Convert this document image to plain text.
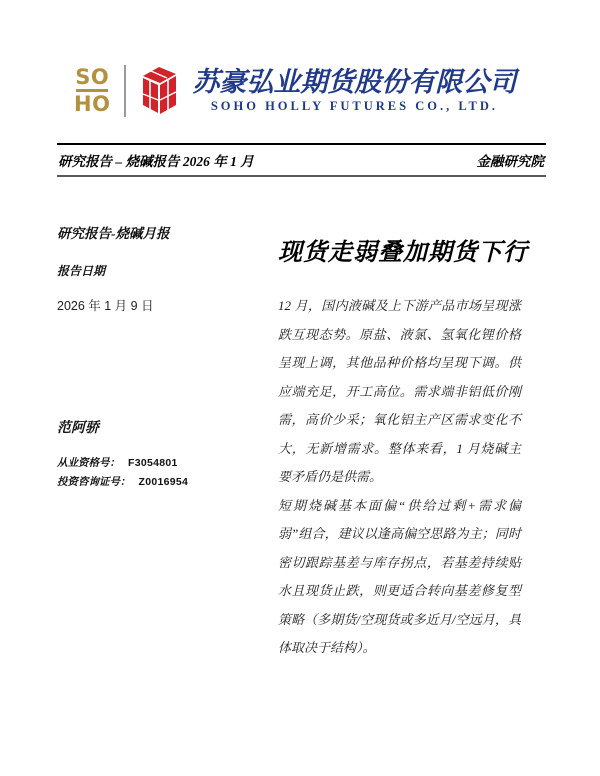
SO
HO
苏豪弘业期货股份有限公司
SOHO HOLLY FUTURES CO., LTD.
研究报告 – 烧碱报告 2026 年 1 月	金融研究院
研究报告-烧碱月报
报告日期
2026 年 1 月 9 日
范阿骄
从业资格号： F3054801
投资咨询证号： Z0016954
现货走弱叠加期货下行

12 月，国内液碱及上下游产品市场呈现涨跌互现态势。原盐、液氯、氢氧化锂价格呈现上调，其他品种价格均呈现下调。供应端充足，开工高位。需求端非铝低价刚需，高价少采；氧化铝主产区需求变化不大，无新增需求。整体来看，1 月烧碱主要矛盾仍是供需。

短期烧碱基本面偏“供给过剩+需求偏弱”组合，建议以逢高偏空思路为主；同时密切跟踪基差与库存拐点，若基差持续贴水且现货止跌，则更适合转向基差修复型策略（多期货/空现货或多近月/空远月，具体取决于结构）。
